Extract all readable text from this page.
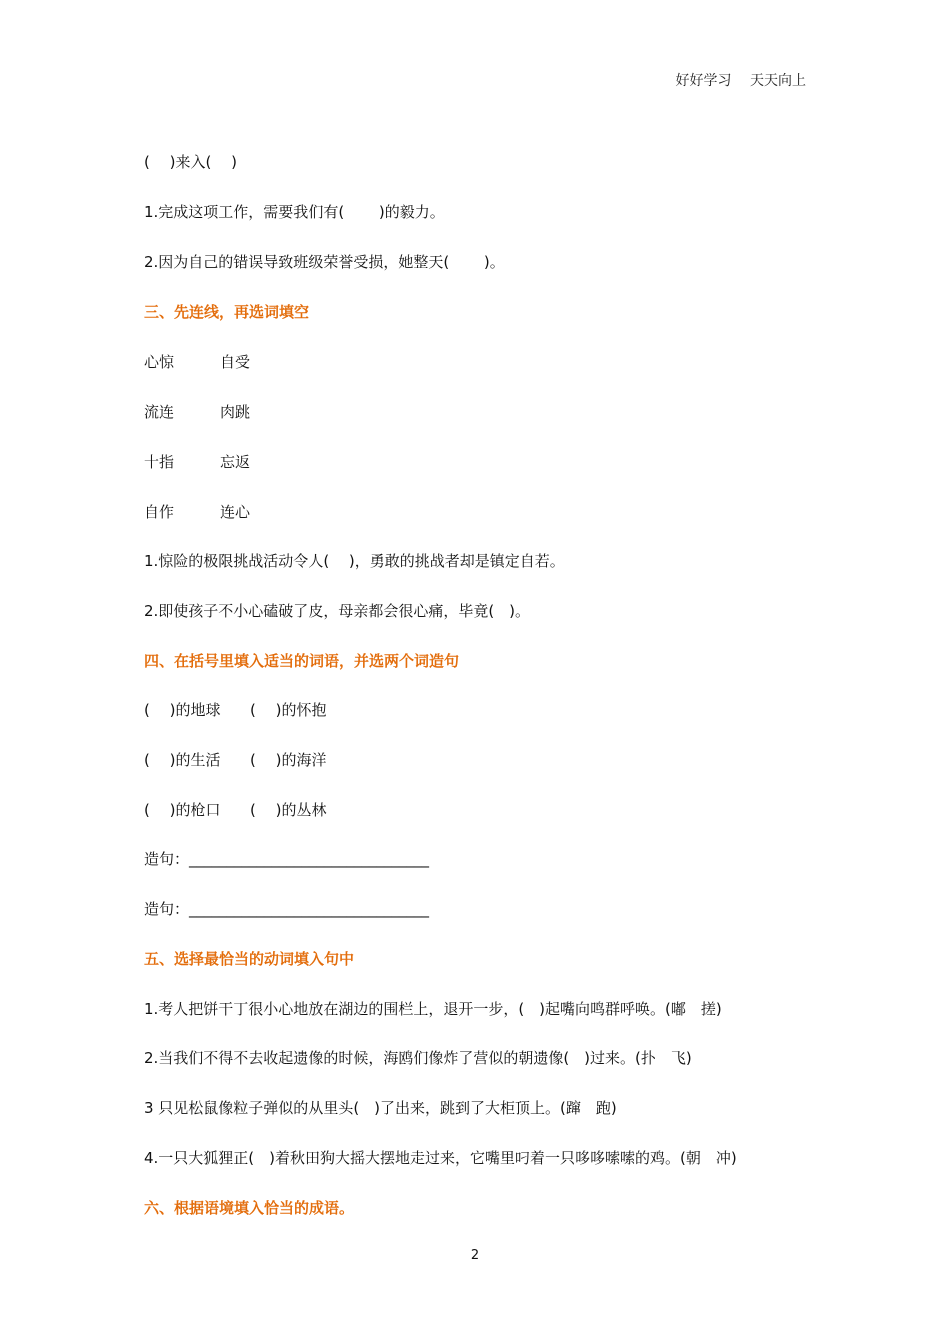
好好学习 天天向上
(　 )来入(　 )
1.完成这项工作，需要我们有(　　 )的毅力。
2.因为自己的错误导致班级荣誉受损，她整天(　　 )。
三、先连线，再选词填空
心惊	自受
流连	肉跳
十指	忘返
自作	连心
1.惊险的极限挑战活动令人(　 )，勇敢的挑战者却是镇定自若。
2.即使孩子不小心磕破了皮，母亲都会很心痛，毕竟(　)。
四、在括号里填入适当的词语，并选两个词造句
(　 )的地球 (　 )的怀抱
(　 )的生活 (　 )的海洋
(　 )的枪口 (　 )的丛林
造句：________________________________
造句：________________________________
五、选择最恰当的动词填入句中
1.考人把饼干丁很小心地放在湖边的围栏上，退开一步，(　)起嘴向鸣群呼唤。(嘟　搓)
2.当我们不得不去收起遗像的时候，海鸥们像炸了营似的朝遗像(　)过来。(扑　飞)
3 只见松鼠像粒子弹似的从里头(　)了出来，跳到了大柜顶上。(蹿　跑)
4.一只大狐狸正(　)着秋田狗大摇大摆地走过来，它嘴里叼着一只哆哆嗦嗦的鸡。(朝　冲)
六、根据语境填入恰当的成语。
2
